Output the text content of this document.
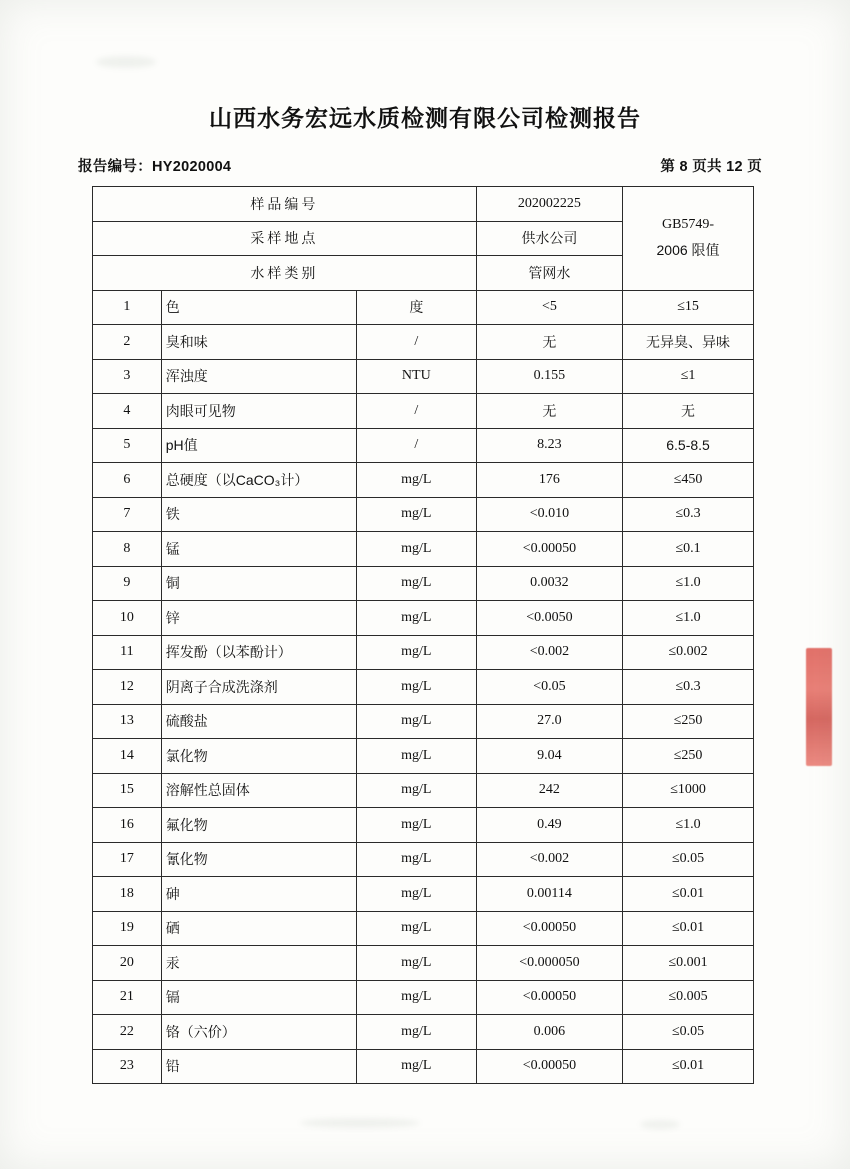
山西水务宏远水质检测有限公司检测报告
报告编号：HY2020004	第 8 页共 12 页
样品编号			202002225	GB5749-
2006 限值

采样地点			供水公司	
水样类别			管网水	
1	色	度	<5	≤15
2	臭和味	/	无	无异臭、异味
3	浑浊度	NTU	0.155	≤1
4	肉眼可见物	/	无	无
5	pH值	/	8.23	6.5-8.5
6	总硬度（以CaCO₃计）	mg/L	176	≤450
7	铁	mg/L	<0.010	≤0.3
8	锰	mg/L	<0.00050	≤0.1
9	铜	mg/L	0.0032	≤1.0
10	锌	mg/L	<0.0050	≤1.0
11	挥发酚（以苯酚计）	mg/L	<0.002	≤0.002
12	阴离子合成洗涤剂	mg/L	<0.05	≤0.3
13	硫酸盐	mg/L	27.0	≤250
14	氯化物	mg/L	9.04	≤250
15	溶解性总固体	mg/L	242	≤1000
16	氟化物	mg/L	0.49	≤1.0
17	氰化物	mg/L	<0.002	≤0.05
18	砷	mg/L	0.00114	≤0.01
19	硒	mg/L	<0.00050	≤0.01
20	汞	mg/L	<0.000050	≤0.001
21	镉	mg/L	<0.00050	≤0.005
22	铬（六价）	mg/L	0.006	≤0.05
23	铅	mg/L	<0.00050	≤0.01
